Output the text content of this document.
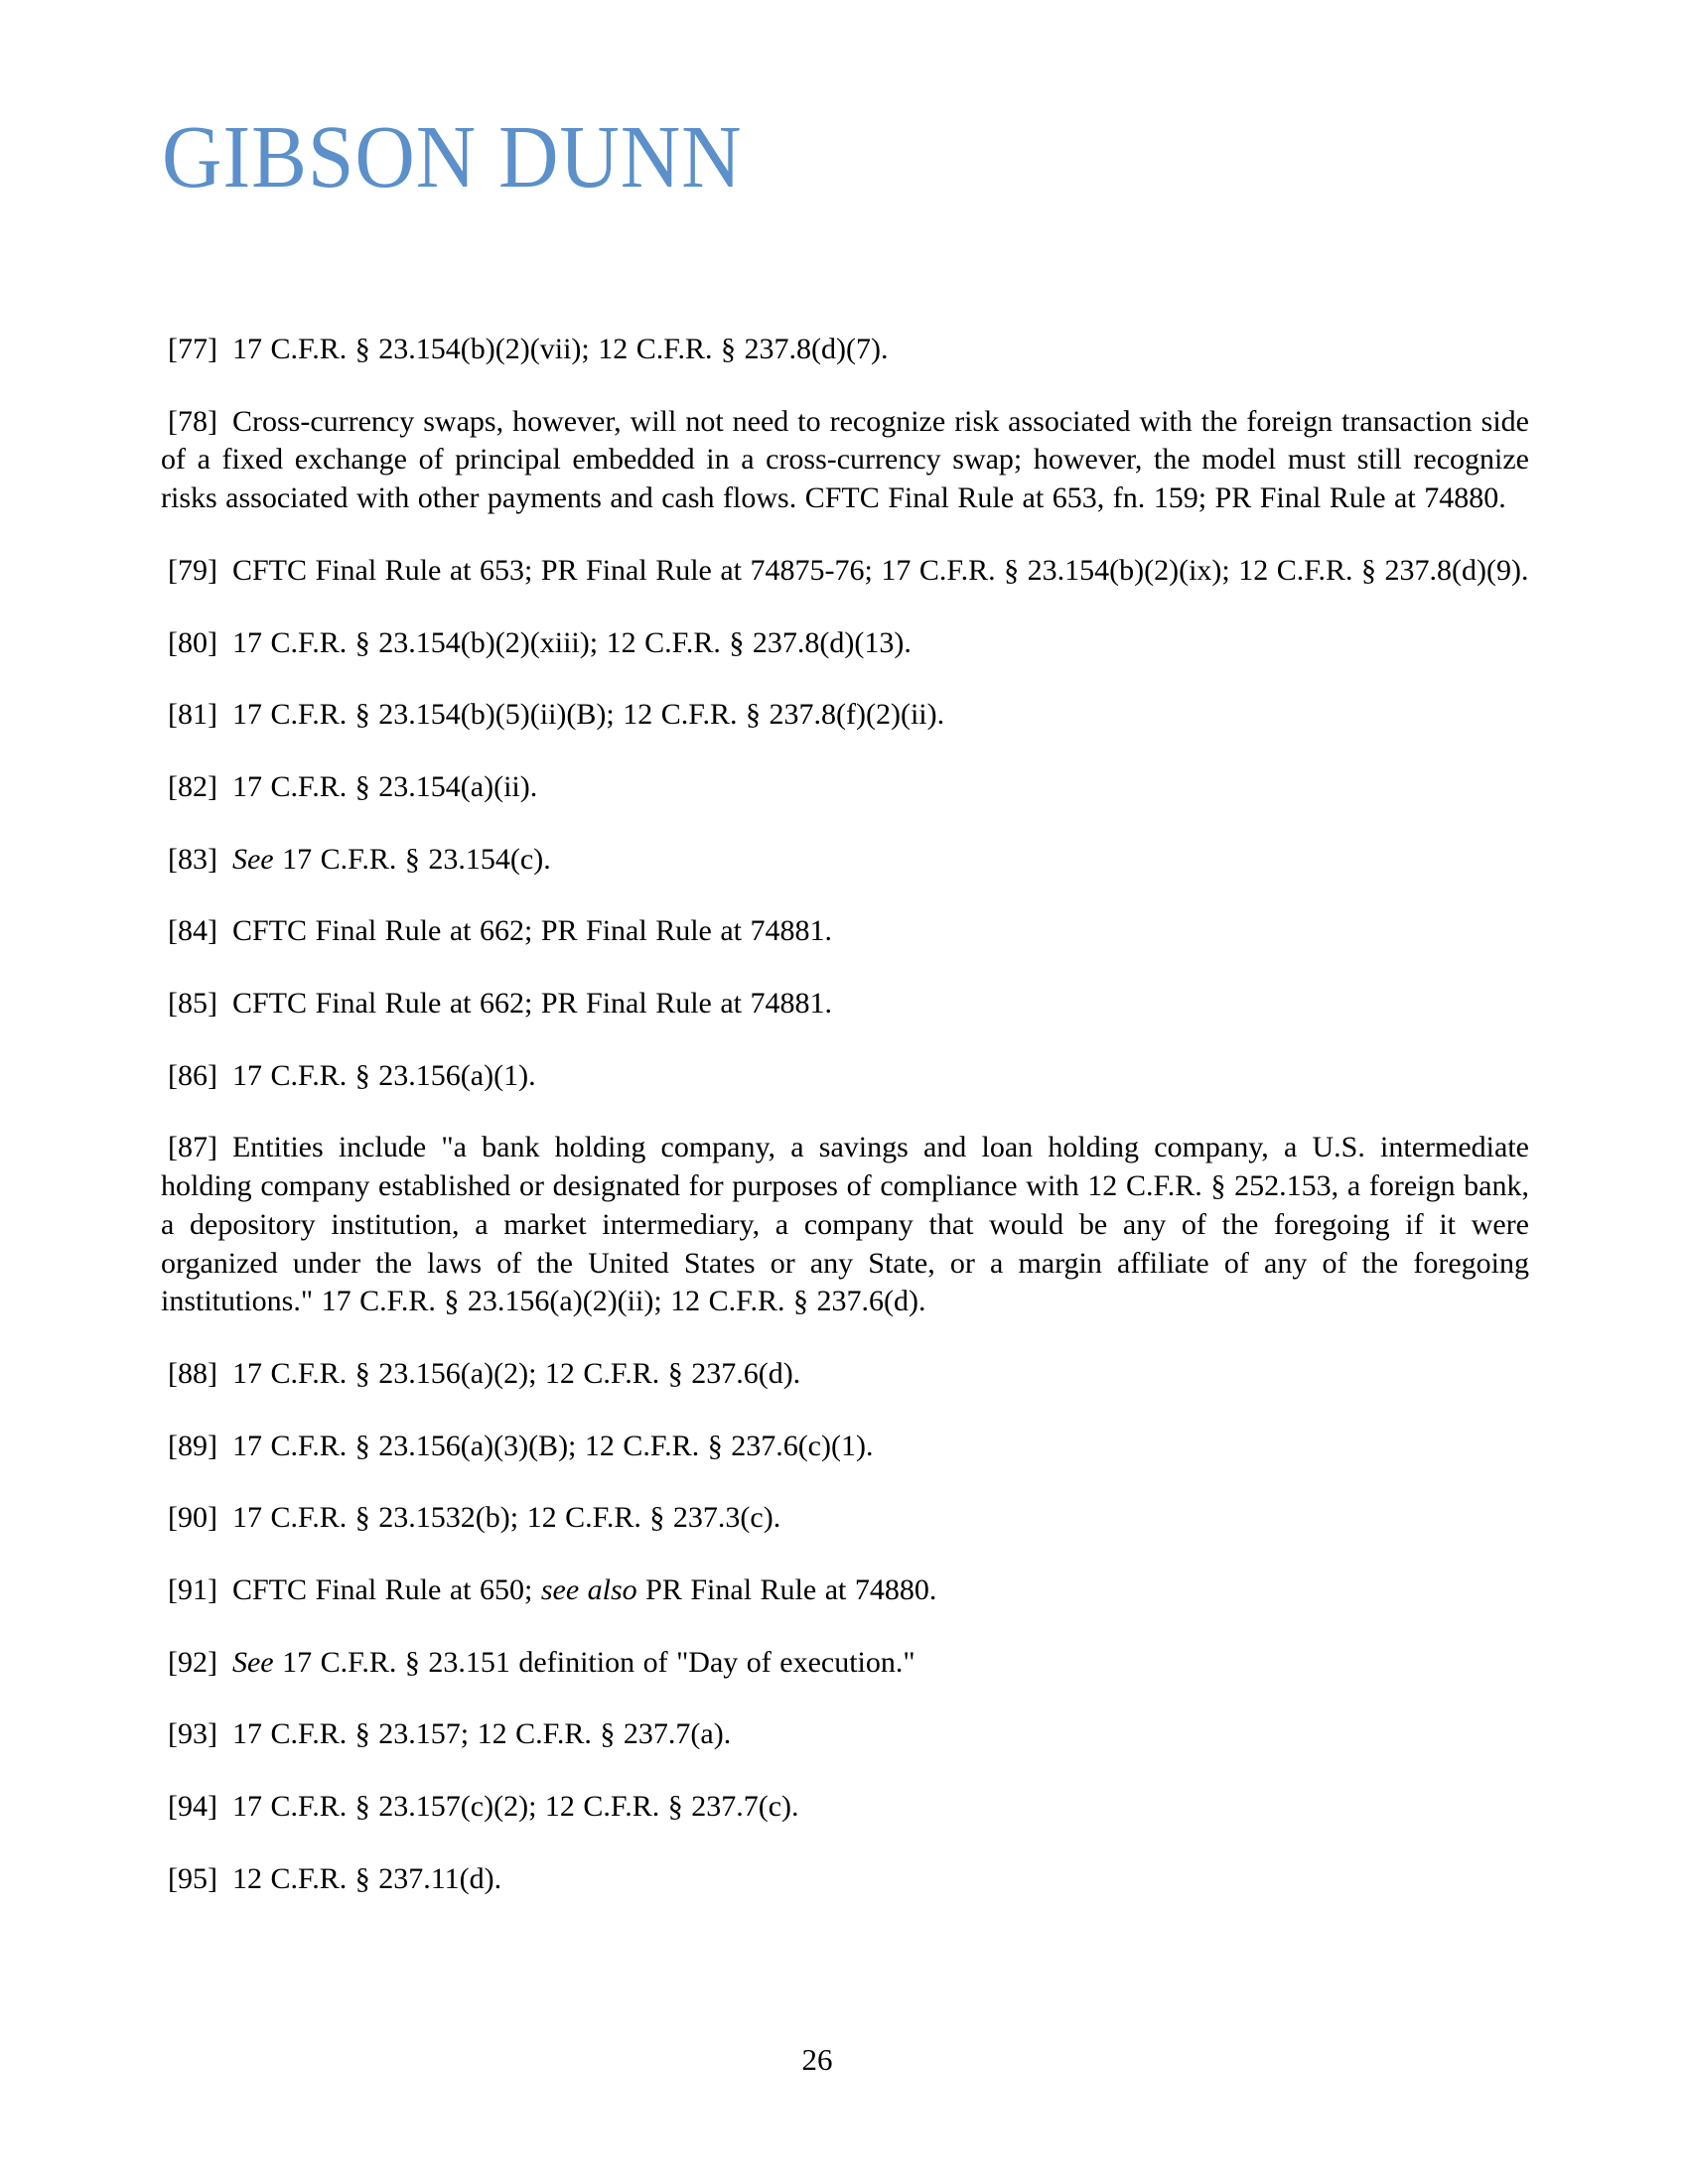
GIBSON DUNN

[77] 17 C.F.R. § 23.154(b)(2)(vii); 12 C.F.R. § 237.8(d)(7).

[78] Cross-currency swaps, however, will not need to recognize risk associated with the foreign transaction side of a fixed exchange of principal embedded in a cross-currency swap; however, the model must still recognize risks associated with other payments and cash flows. CFTC Final Rule at 653, fn. 159; PR Final Rule at 74880.

[79] CFTC Final Rule at 653; PR Final Rule at 74875-76; 17 C.F.R. § 23.154(b)(2)(ix); 12 C.F.R. § 237.8(d)(9).

[80] 17 C.F.R. § 23.154(b)(2)(xiii); 12 C.F.R. § 237.8(d)(13).

[81] 17 C.F.R. § 23.154(b)(5)(ii)(B); 12 C.F.R. § 237.8(f)(2)(ii).

[82] 17 C.F.R. § 23.154(a)(ii).

[83] See 17 C.F.R. § 23.154(c).

[84] CFTC Final Rule at 662; PR Final Rule at 74881.

[85] CFTC Final Rule at 662; PR Final Rule at 74881.

[86] 17 C.F.R. § 23.156(a)(1).

[87] Entities include "a bank holding company, a savings and loan holding company, a U.S. intermediate holding company established or designated for purposes of compliance with 12 C.F.R. § 252.153, a foreign bank, a depository institution, a market intermediary, a company that would be any of the foregoing if it were organized under the laws of the United States or any State, or a margin affiliate of any of the foregoing institutions." 17 C.F.R. § 23.156(a)(2)(ii); 12 C.F.R. § 237.6(d).

[88] 17 C.F.R. § 23.156(a)(2); 12 C.F.R. § 237.6(d).

[89] 17 C.F.R. § 23.156(a)(3)(B); 12 C.F.R. § 237.6(c)(1).

[90] 17 C.F.R. § 23.1532(b); 12 C.F.R. § 237.3(c).

[91] CFTC Final Rule at 650; see also PR Final Rule at 74880.

[92] See 17 C.F.R. § 23.151 definition of "Day of execution."

[93] 17 C.F.R. § 23.157; 12 C.F.R. § 237.7(a).

[94] 17 C.F.R. § 23.157(c)(2); 12 C.F.R. § 237.7(c).

[95] 12 C.F.R. § 237.11(d).

26
